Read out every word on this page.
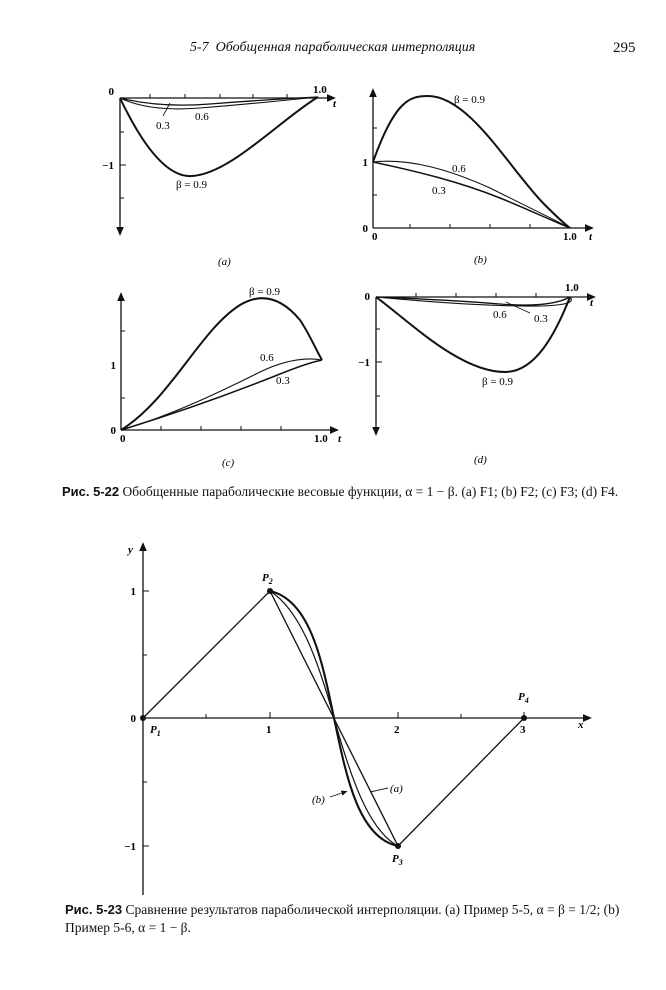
5-7 Обобщенная параболическая интерполяция	295
0
−1
1.0
t
0.3
0.6
β = 0.9
(a)
1
0
0	1.0 t
β = 0.9
0.6
0.3
(b)
1
0
0	1.0 t
β = 0.9
0.6
0.3
(c)
0
−1
1.0
t
0.6 0.3
β = 0.9
(d)
y
x
1	2	3
1
0
−1
$P_1$
$P_2$
$P_3$
$P_4$
(a)
(b)
Рис. 5-22 Обобщенные параболические весовые функции, α = 1 − β. (a) F1; (b) F2; (c) F3; (d) F4.
Рис. 5-23 Сравнение результатов параболической интерполяции. (a) Пример 5-5, α = β = 1/2; (b) Пример 5-6, α = 1 − β.
